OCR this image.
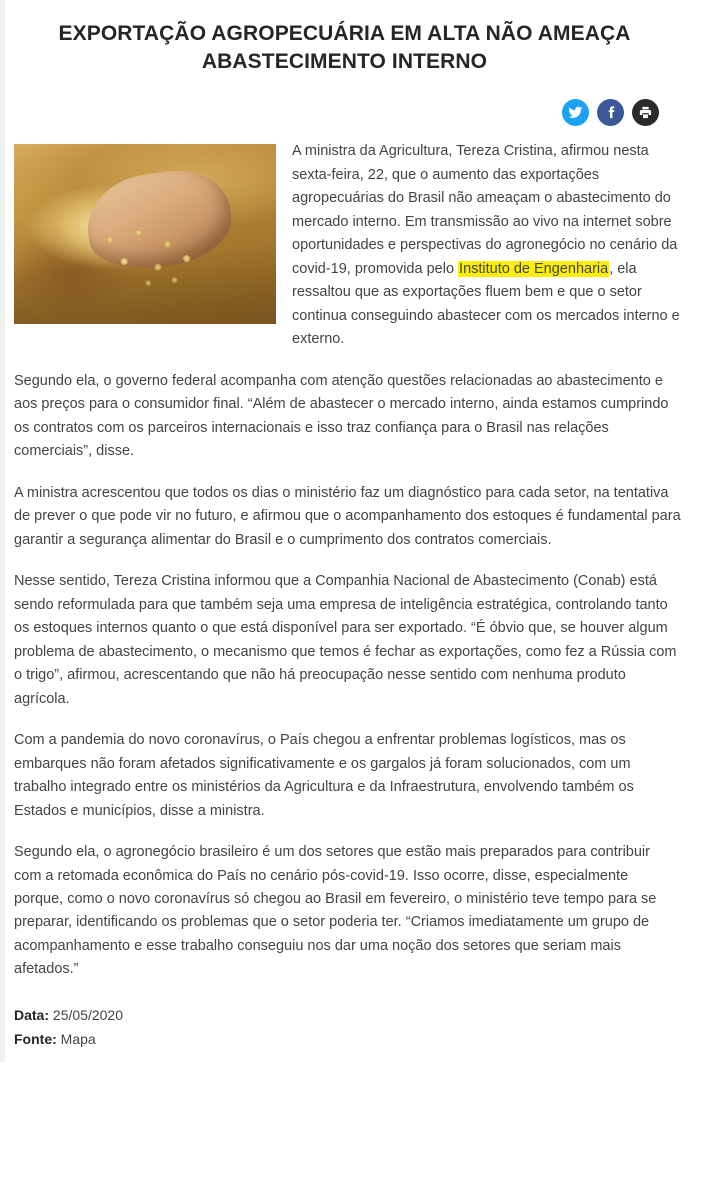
EXPORTAÇÃO AGROPECUÁRIA EM ALTA NÃO AMEAÇA ABASTECIMENTO INTERNO

A ministra da Agricultura, Tereza Cristina, afirmou nesta sexta-feira, 22, que o aumento das exportações agropecuárias do Brasil não ameaçam o abastecimento do mercado interno. Em transmissão ao vivo na internet sobre oportunidades e perspectivas do agronegócio no cenário da covid-19, promovida pelo Instituto de Engenharia, ela ressaltou que as exportações fluem bem e que o setor continua conseguindo abastecer com os mercados interno e externo.

Segundo ela, o governo federal acompanha com atenção questões relacionadas ao abastecimento e aos preços para o consumidor final. “Além de abastecer o mercado interno, ainda estamos cumprindo os contratos com os parceiros internacionais e isso traz confiança para o Brasil nas relações comerciais”, disse.

A ministra acrescentou que todos os dias o ministério faz um diagnóstico para cada setor, na tentativa de prever o que pode vir no futuro, e afirmou que o acompanhamento dos estoques é fundamental para garantir a segurança alimentar do Brasil e o cumprimento dos contratos comerciais.

Nesse sentido, Tereza Cristina informou que a Companhia Nacional de Abastecimento (Conab) está sendo reformulada para que também seja uma empresa de inteligência estratégica, controlando tanto os estoques internos quanto o que está disponível para ser exportado. “É óbvio que, se houver algum problema de abastecimento, o mecanismo que temos é fechar as exportações, como fez a Rússia com o trigo”, afirmou, acrescentando que não há preocupação nesse sentido com nenhuma produto agrícola.

Com a pandemia do novo coronavírus, o País chegou a enfrentar problemas logísticos, mas os embarques não foram afetados significativamente e os gargalos já foram solucionados, com um trabalho integrado entre os ministérios da Agricultura e da Infraestrutura, envolvendo também os Estados e municípios, disse a ministra.

Segundo ela, o agronegócio brasileiro é um dos setores que estão mais preparados para contribuir com a retomada econômica do País no cenário pós-covid-19. Isso ocorre, disse, especialmente porque, como o novo coronavírus só chegou ao Brasil em fevereiro, o ministério teve tempo para se preparar, identificando os problemas que o setor poderia ter. “Criamos imediatamente um grupo de acompanhamento e esse trabalho conseguiu nos dar uma noção dos setores que seriam mais afetados.”

Data: 25/05/2020
Fonte: Mapa
